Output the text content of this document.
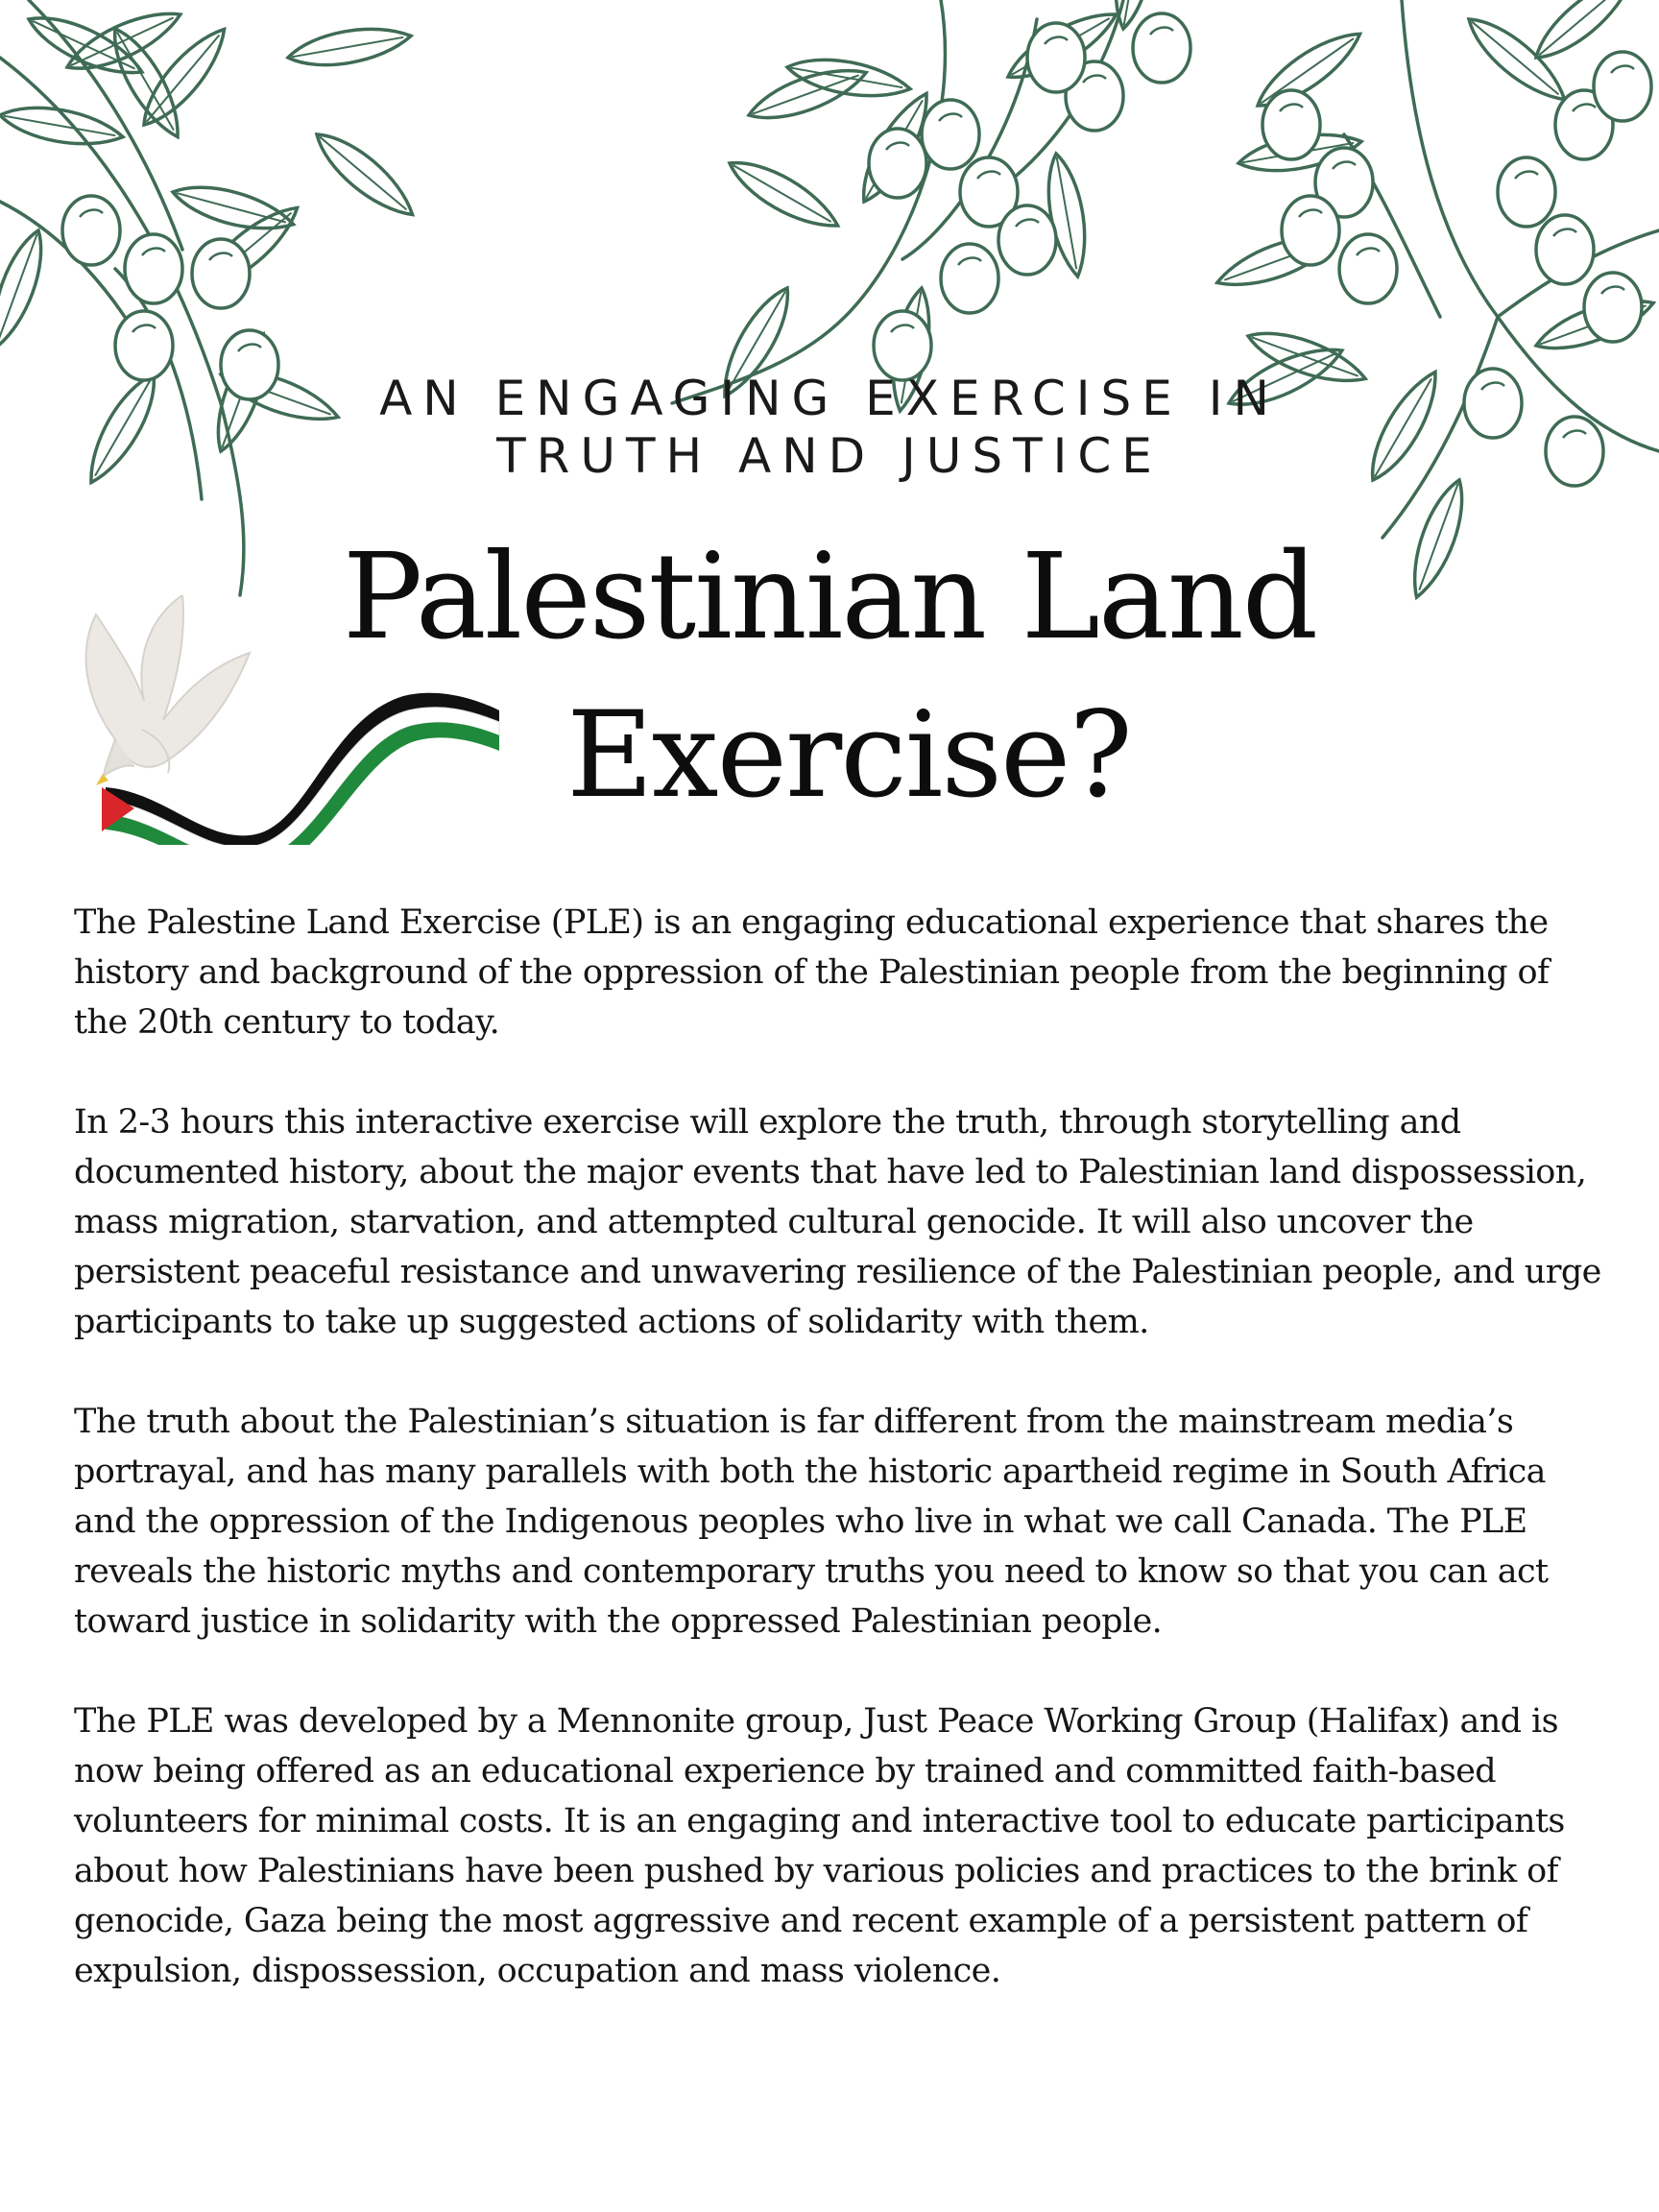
AN ENGAGING EXERCISE IN
TRUTH AND JUSTICE
Palestinian Land
Exercise?

The Palestine Land Exercise (PLE) is an engaging educational experience that shares the history and background of the oppression of the Palestinian people from the beginning of the 20th century to today.

In 2-3 hours this interactive exercise will explore the truth, through storytelling and documented history, about the major events that have led to Palestinian land dispossession, mass migration, starvation, and attempted cultural genocide. It will also uncover the persistent peaceful resistance and unwavering resilience of the Palestinian people, and urge participants to take up suggested actions of solidarity with them.

The truth about the Palestinian’s situation is far different from the mainstream media’s portrayal, and has many parallels with both the historic apartheid regime in South Africa and the oppression of the Indigenous peoples who live in what we call Canada. The PLE reveals the historic myths and contemporary truths you need to know so that you can act toward justice in solidarity with the oppressed Palestinian people.

The PLE was developed by a Mennonite group, Just Peace Working Group (Halifax) and is now being offered as an educational experience by trained and committed faith-based volunteers for minimal costs. It is an engaging and interactive tool to educate participants about how Palestinians have been pushed by various policies and practices to the brink of genocide, Gaza being the most aggressive and recent example of a persistent pattern of expulsion, dispossession, occupation and mass violence.
